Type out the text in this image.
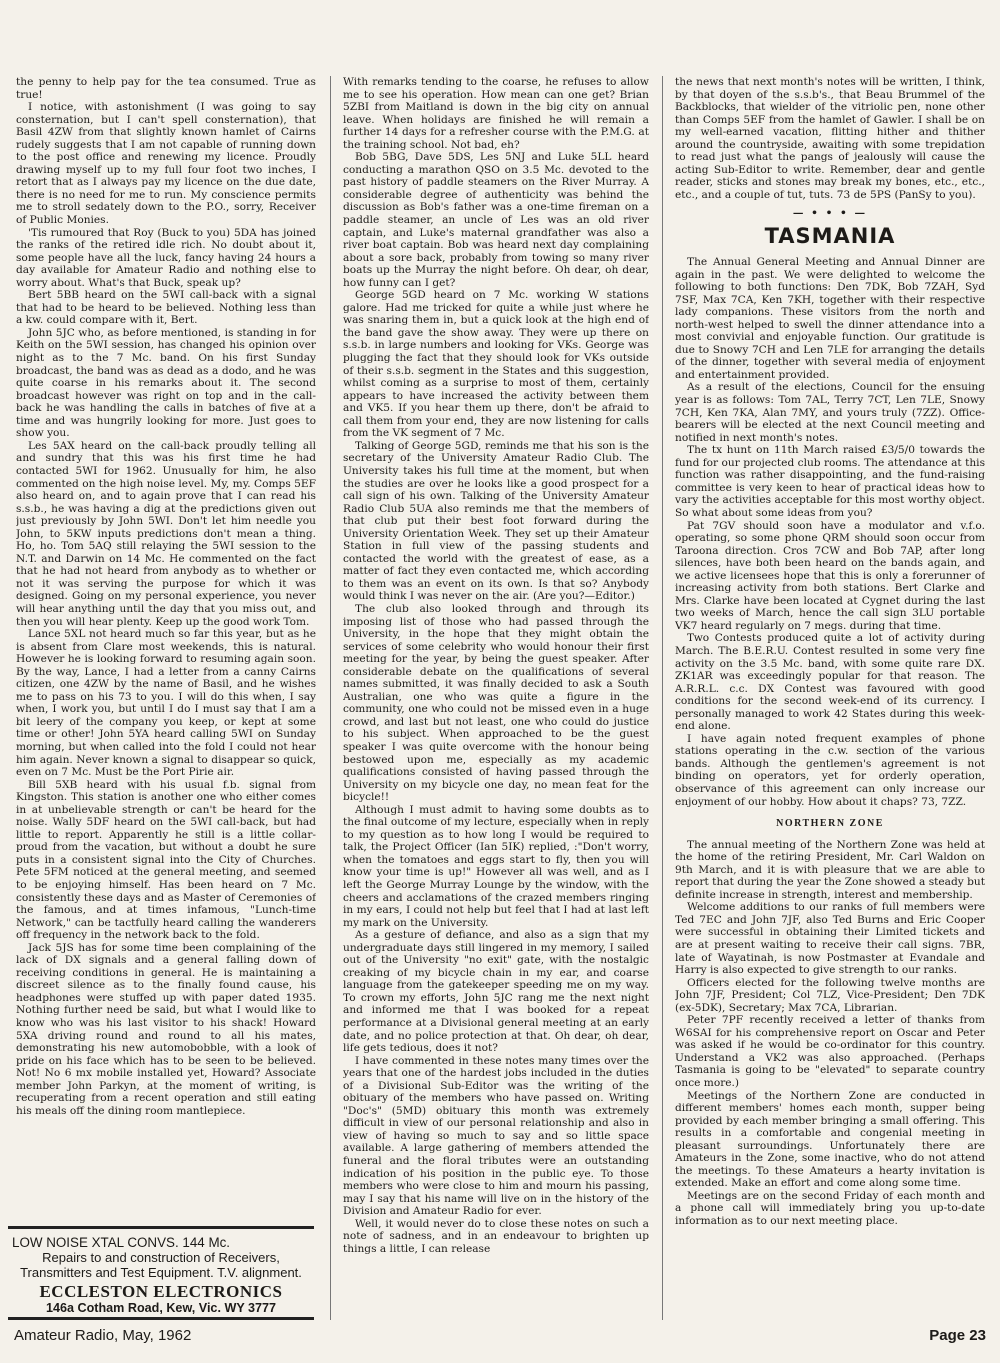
the penny to help pay for the tea consumed. True as true!

I notice, with astonishment (I was going to say consternation, but I can't spell consternation), that Basil 4ZW from that slightly known hamlet of Cairns rudely suggests that I am not capable of running down to the post office and renewing my licence. Proudly drawing myself up to my full four foot two inches, I retort that as I always pay my licence on the due date, there is no need for me to run. My conscience permits me to stroll sedately down to the P.O., sorry, Receiver of Public Monies.

'Tis rumoured that Roy (Buck to you) 5DA has joined the ranks of the retired idle rich. No doubt about it, some people have all the luck, fancy having 24 hours a day available for Amateur Radio and nothing else to worry about. What's that Buck, speak up?

Bert 5BB heard on the 5WI call-back with a signal that had to be heard to be believed. Nothing less than a kw. could compare with it, Bert.

John 5JC who, as before mentioned, is standing in for Keith on the 5WI session, has changed his opinion over night as to the 7 Mc. band. On his first Sunday broadcast, the band was as dead as a dodo, and he was quite coarse in his remarks about it. The second broadcast however was right on top and in the call-back he was handling the calls in batches of five at a time and was hungrily looking for more. Just goes to show you.

Les 5AX heard on the call-back proudly telling all and sundry that this was his first time he had contacted 5WI for 1962. Unusually for him, he also commented on the high noise level. My, my. Comps 5EF also heard on, and to again prove that I can read his s.s.b., he was having a dig at the predictions given out just previously by John 5WI. Don't let him needle you John, to 5KW inputs predictions don't mean a thing. Ho, ho. Tom 5AQ still relaying the 5WI session to the N.T. and Darwin on 14 Mc. He commented on the fact that he had not heard from anybody as to whether or not it was serving the purpose for which it was designed. Going on my personal experience, you never will hear anything until the day that you miss out, and then you will hear plenty. Keep up the good work Tom.

Lance 5XL not heard much so far this year, but as he is absent from Clare most weekends, this is natural. However he is looking forward to resuming again soon. By the way, Lance, I had a letter from a canny Cairns citizen, one 4ZW by the name of Basil, and he wishes me to pass on his 73 to you. I will do this when, I say when, I work you, but until I do I must say that I am a bit leery of the company you keep, or kept at some time or other! John 5YA heard calling 5WI on Sunday morning, but when called into the fold I could not hear him again. Never known a signal to disappear so quick, even on 7 Mc. Must be the Port Pirie air.

Bill 5XB heard with his usual f.b. signal from Kingston. This station is another one who either comes in at unbelievable strength or can't be heard for the noise. Wally 5DF heard on the 5WI call-back, but had little to report. Apparently he still is a little collar-proud from the vacation, but without a doubt he sure puts in a consistent signal into the City of Churches. Pete 5FM noticed at the general meeting, and seemed to be enjoying himself. Has been heard on 7 Mc. consistently these days and as Master of Ceremonies of the famous, and at times infamous, "Lunch-time Network," can be tactfully heard calling the wanderers off frequency in the network back to the fold.

Jack 5JS has for some time been complaining of the lack of DX signals and a general falling down of receiving conditions in general. He is maintaining a discreet silence as to the finally found cause, his headphones were stuffed up with paper dated 1935. Nothing further need be said, but what I would like to know who was his last visitor to his shack! Howard 5XA driving round and round to all his mates, demonstrating his new automobobble, with a look of pride on his face which has to be seen to be believed. Not! No 6 mx mobile installed yet, Howard? Associate member John Parkyn, at the moment of writing, is recuperating from a recent operation and still eating his meals off the dining room mantlepiece.

LOW NOISE XTAL CONVS. 144 Mc.
Repairs to and construction of Receivers, Transmitters and Test Equipment. T.V. alignment.
ECCLESTON ELECTRONICS
146a Cotham Road, Kew, Vic. WY 3777

With remarks tending to the coarse, he refuses to allow me to see his operation. How mean can one get? Brian 5ZBI from Maitland is down in the big city on annual leave. When holidays are finished he will remain a further 14 days for a refresher course with the P.M.G. at the training school. Not bad, eh?

Bob 5BG, Dave 5DS, Les 5NJ and Luke 5LL heard conducting a marathon QSO on 3.5 Mc. devoted to the past history of paddle steamers on the River Murray. A considerable degree of authenticity was behind the discussion as Bob's father was a one-time fireman on a paddle steamer, an uncle of Les was an old river captain, and Luke's maternal grandfather was also a river boat captain. Bob was heard next day complaining about a sore back, probably from towing so many river boats up the Murray the night before. Oh dear, oh dear, how funny can I get?

George 5GD heard on 7 Mc. working W stations galore. Had me tricked for quite a while just where he was snaring them in, but a quick look at the high end of the band gave the show away. They were up there on s.s.b. in large numbers and looking for VKs. George was plugging the fact that they should look for VKs outside of their s.s.b. segment in the States and this suggestion, whilst coming as a surprise to most of them, certainly appears to have increased the activity between them and VK5. If you hear them up there, don't be afraid to call them from your end, they are now listening for calls from the VK segment of 7 Mc.

Talking of George 5GD, reminds me that his son is the secretary of the University Amateur Radio Club. The University takes his full time at the moment, but when the studies are over he looks like a good prospect for a call sign of his own. Talking of the University Amateur Radio Club 5UA also reminds me that the members of that club put their best foot forward during the University Orientation Week. They set up their Amateur Station in full view of the passing students and contacted the world with the greatest of ease, as a matter of fact they even contacted me, which according to them was an event on its own. Is that so? Anybody would think I was never on the air. (Are you?—Editor.)

The club also looked through and through its imposing list of those who had passed through the University, in the hope that they might obtain the services of some celebrity who would honour their first meeting for the year, by being the guest speaker. After considerable debate on the qualifications of several names submitted, it was finally decided to ask a South Australian, one who was quite a figure in the community, one who could not be missed even in a huge crowd, and last but not least, one who could do justice to his subject. When approached to be the guest speaker I was quite overcome with the honour being bestowed upon me, especially as my academic qualifications consisted of having passed through the University on my bicycle one day, no mean feat for the bicycle!!

Although I must admit to having some doubts as to the final outcome of my lecture, especially when in reply to my question as to how long I would be required to talk, the Project Officer (Ian 5IK) replied, :"Don't worry, when the tomatoes and eggs start to fly, then you will know your time is up!" However all was well, and as I left the George Murray Lounge by the window, with the cheers and acclamations of the crazed members ringing in my ears, I could not help but feel that I had at last left my mark on the University.

As a gesture of defiance, and also as a sign that my undergraduate days still lingered in my memory, I sailed out of the University "no exit" gate, with the nostalgic creaking of my bicycle chain in my ear, and coarse language from the gatekeeper speeding me on my way. To crown my efforts, John 5JC rang me the next night and informed me that I was booked for a repeat performance at a Divisional general meeting at an early date, and no police protection at that. Oh dear, oh dear, life gets tedious, does it not?

I have commented in these notes many times over the years that one of the hardest jobs included in the duties of a Divisional Sub-Editor was the writing of the obituary of the members who have passed on. Writing "Doc's" (5MD) obituary this month was extremely difficult in view of our personal relationship and also in view of having so much to say and so little space available. A large gathering of members attended the funeral and the floral tributes were an outstanding indication of his position in the public eye. To those members who were close to him and mourn his passing, may I say that his name will live on in the history of the Division and Amateur Radio for ever.

Well, it would never do to close these notes on such a note of sadness, and in an endeavour to brighten up things a little, I can release

the news that next month's notes will be written, I think, by that doyen of the s.s.b's., that Beau Brummel of the Backblocks, that wielder of the vitriolic pen, none other than Comps 5EF from the hamlet of Gawler. I shall be on my well-earned vacation, flitting hither and thither around the countryside, awaiting with some trepidation to read just what the pangs of jealously will cause the acting Sub-Editor to write. Remember, dear and gentle reader, sticks and stones may break my bones, etc., etc., etc., and a couple of tut, tuts. 73 de 5PS (PanSy to you).

— • • • —
TASMANIA

The Annual General Meeting and Annual Dinner are again in the past. We were delighted to welcome the following to both functions: Den 7DK, Bob 7ZAH, Syd 7SF, Max 7CA, Ken 7KH, together with their respective lady companions. These visitors from the north and north-west helped to swell the dinner attendance into a most convivial and enjoyable function. Our gratitude is due to Snowy 7CH and Len 7LE for arranging the details of the dinner, together with several media of enjoyment and entertainment provided.

As a result of the elections, Council for the ensuing year is as follows: Tom 7AL, Terry 7CT, Len 7LE, Snowy 7CH, Ken 7KA, Alan 7MY, and yours truly (7ZZ). Office-bearers will be elected at the next Council meeting and notified in next month's notes.

The tx hunt on 11th March raised £3/5/0 towards the fund for our projected club rooms. The attendance at this function was rather disappointing, and the fund-raising committee is very keen to hear of practical ideas how to vary the activities acceptable for this most worthy object. So what about some ideas from you?

Pat 7GV should soon have a modulator and v.f.o. operating, so some phone QRM should soon occur from Taroona direction. Cros 7CW and Bob 7AP, after long silences, have both been heard on the bands again, and we active licensees hope that this is only a forerunner of increasing activity from both stations. Bert Clarke and Mrs. Clarke have been located at Cygnet during the last two weeks of March, hence the call sign 3LU portable VK7 heard regularly on 7 megs. during that time.

Two Contests produced quite a lot of activity during March. The B.E.R.U. Contest resulted in some very fine activity on the 3.5 Mc. band, with some quite rare DX. ZK1AR was exceedingly popular for that reason. The A.R.R.L. c.c. DX Contest was favoured with good conditions for the second week-end of its currency. I personally managed to work 42 States during this week-end alone.

I have again noted frequent examples of phone stations operating in the c.w. section of the various bands. Although the gentlemen's agreement is not binding on operators, yet for orderly operation, observance of this agreement can only increase our enjoyment of our hobby. How about it chaps? 73, 7ZZ.

NORTHERN ZONE

The annual meeting of the Northern Zone was held at the home of the retiring President, Mr. Carl Waldon on 9th March, and it is with pleasure that we are able to report that during the year the Zone showed a steady but definite increase in strength, interest and membership.

Welcome additions to our ranks of full members were Ted 7EC and John 7JF, also Ted Burns and Eric Cooper were successful in obtaining their Limited tickets and are at present waiting to receive their call signs. 7BR, late of Wayatinah, is now Postmaster at Evandale and Harry is also expected to give strength to our ranks.

Officers elected for the following twelve months are John 7JF, President; Col 7LZ, Vice-President; Den 7DK (ex-5DK), Secretary; Max 7CA, Librarian.

Peter 7PF recently received a letter of thanks from W6SAI for his comprehensive report on Oscar and Peter was asked if he would be co-ordinator for this country. Understand a VK2 was also approached. (Perhaps Tasmania is going to be "elevated" to separate country once more.)

Meetings of the Northern Zone are conducted in different members' homes each month, supper being provided by each member bringing a small offering. This results in a comfortable and congenial meeting in pleasant surroundings. Unfortunately there are Amateurs in the Zone, some inactive, who do not attend the meetings. To these Amateurs a hearty invitation is extended. Make an effort and come along some time.

Meetings are on the second Friday of each month and a phone call will immediately bring you up-to-date information as to our next meeting place.

Amateur Radio, May, 1962	Page 23
